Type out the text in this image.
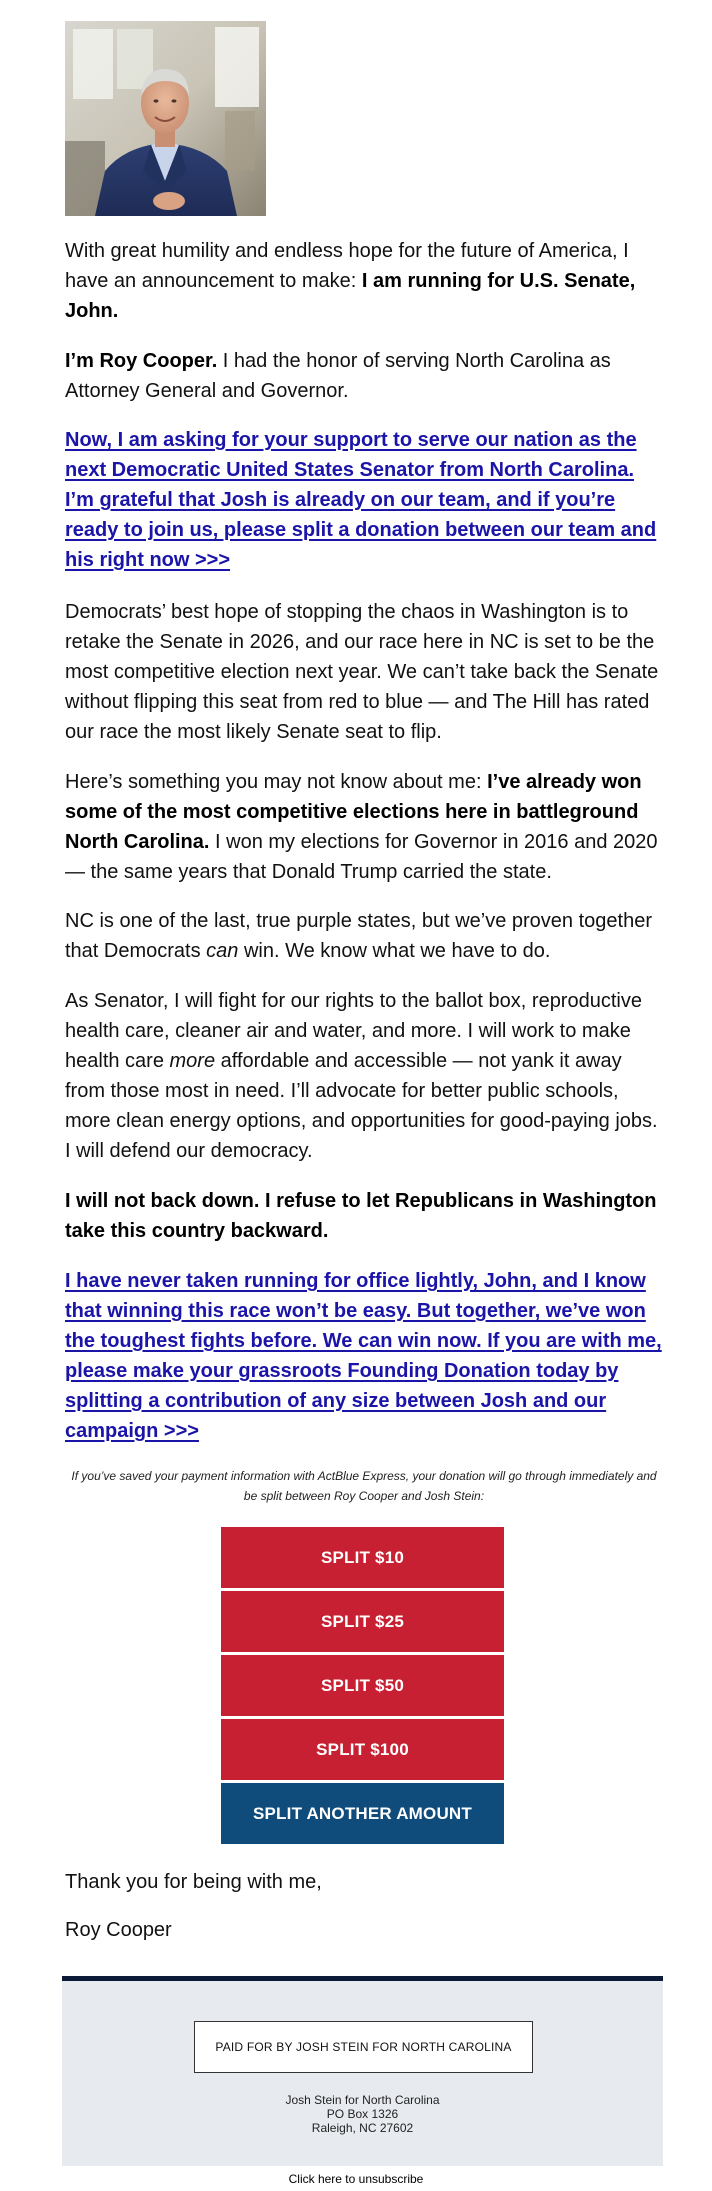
With great humility and endless hope for the future of America, I have an announcement to make: I am running for U.S. Senate, John.

I’m Roy Cooper. I had the honor of serving North Carolina as Attorney General and Governor.

Now, I am asking for your support to serve our nation as the next Democratic United States Senator from North Carolina. I’m grateful that Josh is already on our team, and if you’re ready to join us, please split a donation between our team and his right now >>>

Democrats’ best hope of stopping the chaos in Washington is to retake the Senate in 2026, and our race here in NC is set to be the most competitive election next year. We can’t take back the Senate without flipping this seat from red to blue — and The Hill has rated our race the most likely Senate seat to flip.

Here’s something you may not know about me: I’ve already won some of the most competitive elections here in battleground North Carolina. I won my elections for Governor in 2016 and 2020 — the same years that Donald Trump carried the state.

NC is one of the last, true purple states, but we’ve proven together that Democrats can win. We know what we have to do.

As Senator, I will fight for our rights to the ballot box, reproductive health care, cleaner air and water, and more. I will work to make health care more affordable and accessible — not yank it away from those most in need. I’ll advocate for better public schools, more clean energy options, and opportunities for good-paying jobs. I will defend our democracy.

I will not back down. I refuse to let Republicans in Washington take this country backward.

I have never taken running for office lightly, John, and I know that winning this race won’t be easy. But together, we’ve won the toughest fights before. We can win now. If you are with me, please make your grassroots Founding Donation today by splitting a contribution of any size between Josh and our campaign >>>

If you’ve saved your payment information with ActBlue Express, your donation will go through immediately and be split between Roy Cooper and Josh Stein:

SPLIT $10
SPLIT $25
SPLIT $50
SPLIT $100
SPLIT ANOTHER AMOUNT

Thank you for being with me,

Roy Cooper

PAID FOR BY JOSH STEIN FOR NORTH CAROLINA
Josh Stein for North Carolina
PO Box 1326
Raleigh, NC 27602
Click here to unsubscribe
